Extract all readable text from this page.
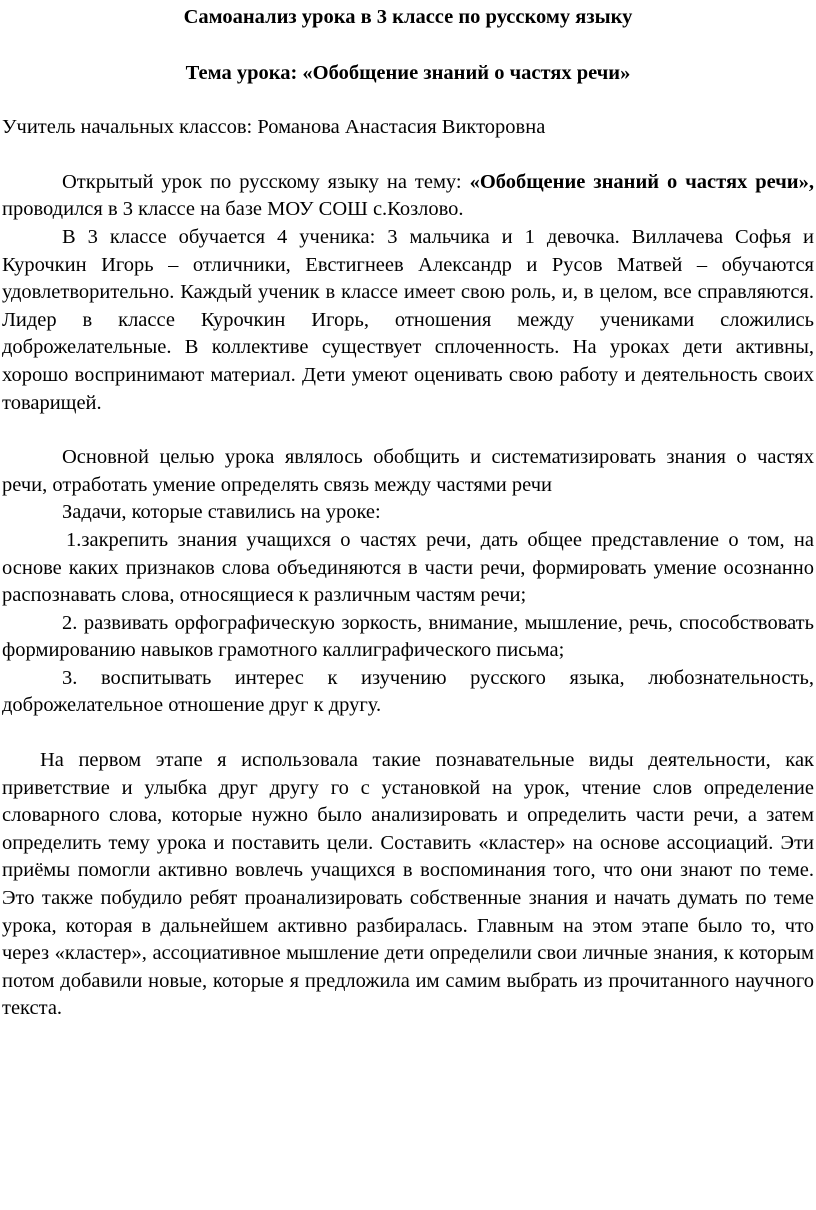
Самоанализ урока в 3 классе по русскому языку

Тема урока: «Обобщение знаний о частях речи»

Учитель начальных классов: Романова Анастасия Викторовна

Открытый урок по русскому языку на тему: «Обобщение знаний о частях речи», проводился в 3 классе на базе МОУ СОШ с.Козлово.

В 3 классе обучается 4 ученика: 3 мальчика и 1 девочка. Виллачева Софья и Курочкин Игорь – отличники, Евстигнеев Александр и Русов Матвей – обучаются удовлетворительно. Каждый ученик в классе имеет свою роль, и, в целом, все справляются. Лидер в классе Курочкин Игорь, отношения между учениками сложились доброжелательные. В коллективе существует сплоченность. На уроках дети активны, хорошо воспринимают материал. Дети умеют оценивать свою работу и деятельность своих товарищей.

Основной целью урока являлось обобщить и систематизировать знания о частях речи, отработать умение определять связь между частями речи

Задачи, которые ставились на уроке:

1.закрепить знания учащихся о частях речи, дать общее представление о том, на основе каких признаков слова объединяются в части речи, формировать умение осознанно распознавать слова, относящиеся к различным частям речи;

2. развивать орфографическую зоркость, внимание, мышление, речь, способствовать формированию навыков грамотного каллиграфического письма;

3. воспитывать интерес к изучению русского языка, любознательность, доброжелательное отношение друг к другу.

На первом этапе я использовала такие познавательные виды деятельности, как приветствие и улыбка друг другу го с установкой на урок, чтение слов определение словарного слова, которые нужно было анализировать и определить части речи, а затем определить тему урока и поставить цели. Составить «кластер» на основе ассоциаций. Эти приёмы помогли активно вовлечь учащихся в воспоминания того, что они знают по теме. Это также побудило ребят проанализировать собственные знания и начать думать по теме урока, которая в дальнейшем активно разбиралась. Главным на этом этапе было то, что через «кластер», ассоциативное мышление дети определили свои личные знания, к которым потом добавили новые, которые я предложила им самим выбрать из прочитанного научного текста.
